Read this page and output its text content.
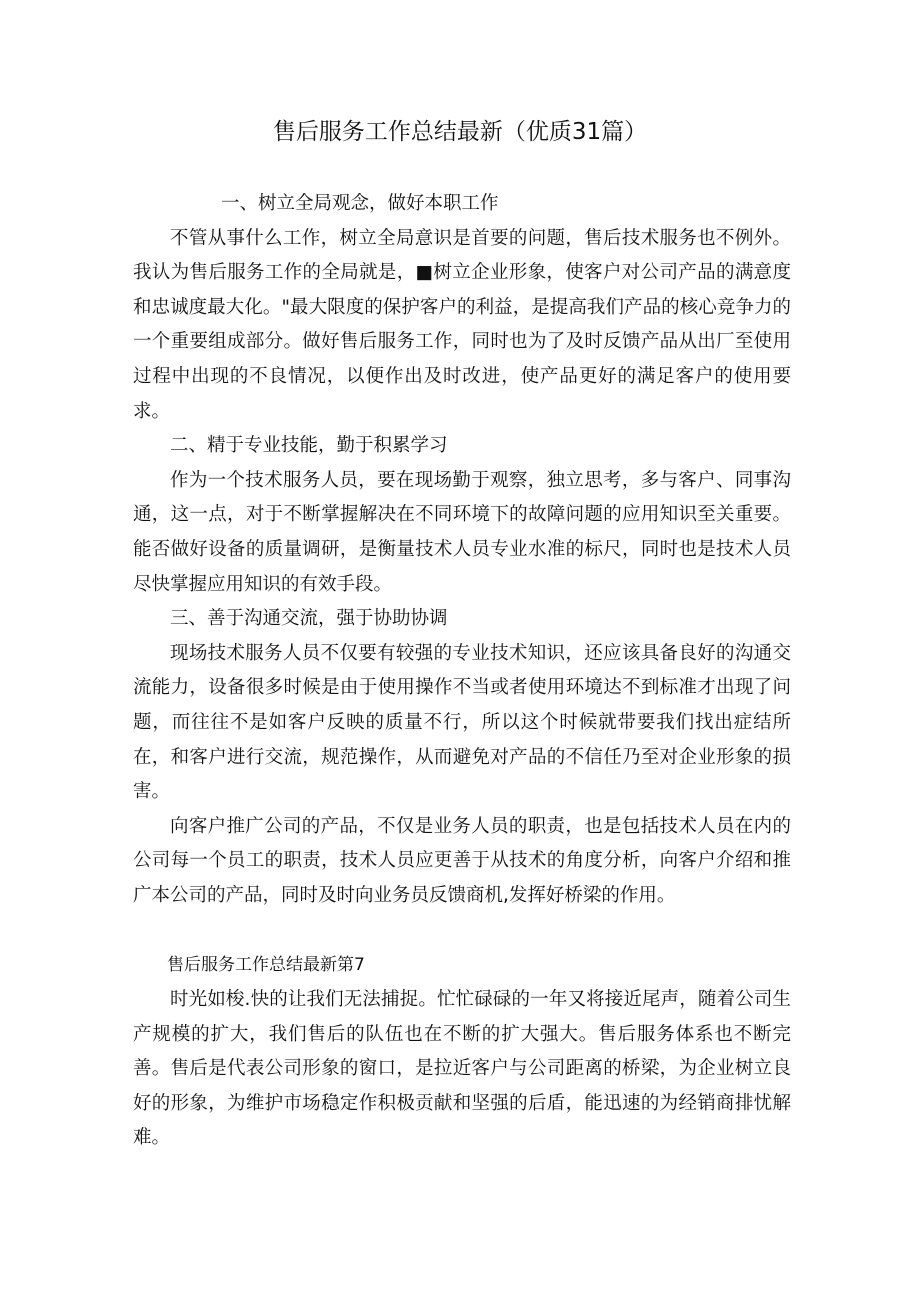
售后服务工作总结最新（优质31篇）

一、树立全局观念，做好本职工作

不管从事什么工作，树立全局意识是首要的问题，售后技术服务也不例外。我认为售后服务工作的全局就是，■树立企业形象，使客户对公司产品的满意度和忠诚度最大化。"最大限度的保护客户的利益，是提高我们产品的核心竞争力的一个重要组成部分。做好售后服务工作，同时也为了及时反馈产品从出厂至使用过程中出现的不良情况，以便作出及时改进，使产品更好的满足客户的使用要求。

二、精于专业技能，勤于积累学习

作为一个技术服务人员，要在现场勤于观察，独立思考，多与客户、同事沟通，这一点，对于不断掌握解决在不同环境下的故障问题的应用知识至关重要。能否做好设备的质量调研，是衡量技术人员专业水准的标尺，同时也是技术人员尽快掌握应用知识的有效手段。

三、善于沟通交流，强于协助协调

现场技术服务人员不仅要有较强的专业技术知识，还应该具备良好的沟通交流能力，设备很多时候是由于使用操作不当或者使用环境达不到标准才出现了问题，而往往不是如客户反映的质量不行，所以这个时候就带要我们找出症结所在，和客户进行交流，规范操作，从而避免对产品的不信任乃至对企业形象的损害。

向客户推广公司的产品，不仅是业务人员的职责，也是包括技术人员在内的公司每一个员工的职责，技术人员应更善于从技术的角度分析，向客户介绍和推广本公司的产品，同时及时向业务员反馈商机,发挥好桥梁的作用。

售后服务工作总结最新第7

时光如梭.快的让我们无法捕捉。忙忙碌碌的一年又将接近尾声，随着公司生产规模的扩大，我们售后的队伍也在不断的扩大强大。售后服务体系也不断完善。售后是代表公司形象的窗口，是拉近客户与公司距离的桥梁，为企业树立良好的形象，为维护市场稳定作积极贡献和坚强的后盾，能迅速的为经销商排忧解难。
